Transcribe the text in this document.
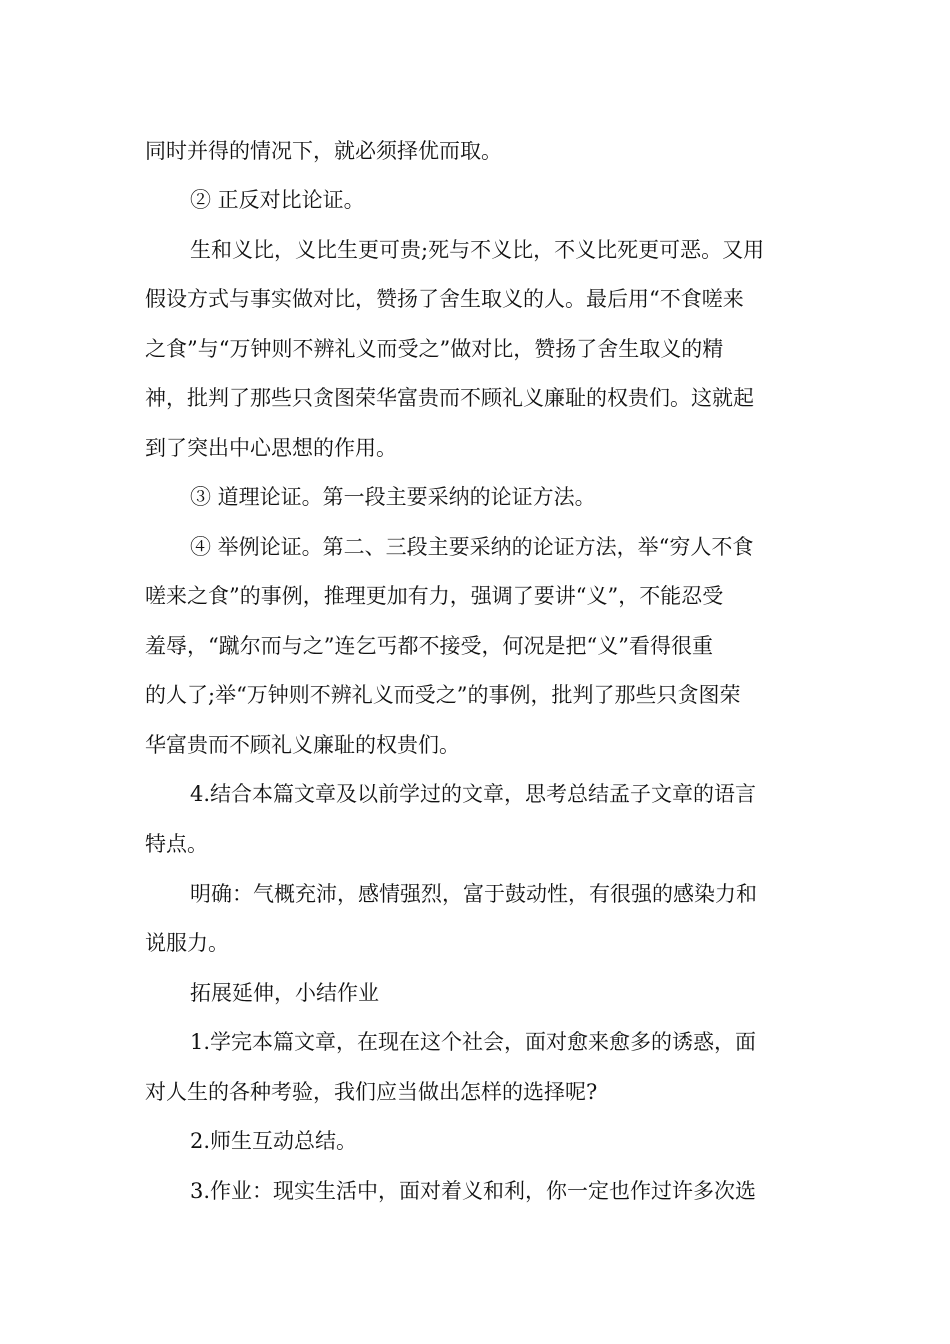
同时并得的情况下，就必须择优而取。

② 正反对比论证。

生和义比，义比生更可贵;死与不义比，不义比死更可恶。又用

假设方式与事实做对比，赞扬了舍生取义的人。最后用“不食嗟来

之食”与“万钟则不辨礼义而受之”做对比，赞扬了舍生取义的精

神，批判了那些只贪图荣华富贵而不顾礼义廉耻的权贵们。这就起

到了突出中心思想的作用。

③ 道理论证。第一段主要采纳的论证方法。

④ 举例论证。第二、三段主要采纳的论证方法，举“穷人不食

嗟来之食”的事例，推理更加有力，强调了要讲“义”，不能忍受

羞辱，“蹴尔而与之”连乞丐都不接受，何况是把“义”看得很重

的人了;举“万钟则不辨礼义而受之”的事例，批判了那些只贪图荣

华富贵而不顾礼义廉耻的权贵们。

4.结合本篇文章及以前学过的文章，思考总结孟子文章的语言

特点。

明确：气概充沛，感情强烈，富于鼓动性，有很强的感染力和

说服力。

拓展延伸，小结作业

1.学完本篇文章，在现在这个社会，面对愈来愈多的诱惑，面

对人生的各种考验，我们应当做出怎样的选择呢?

2.师生互动总结。

3.作业：现实生活中，面对着义和利，你一定也作过许多次选
